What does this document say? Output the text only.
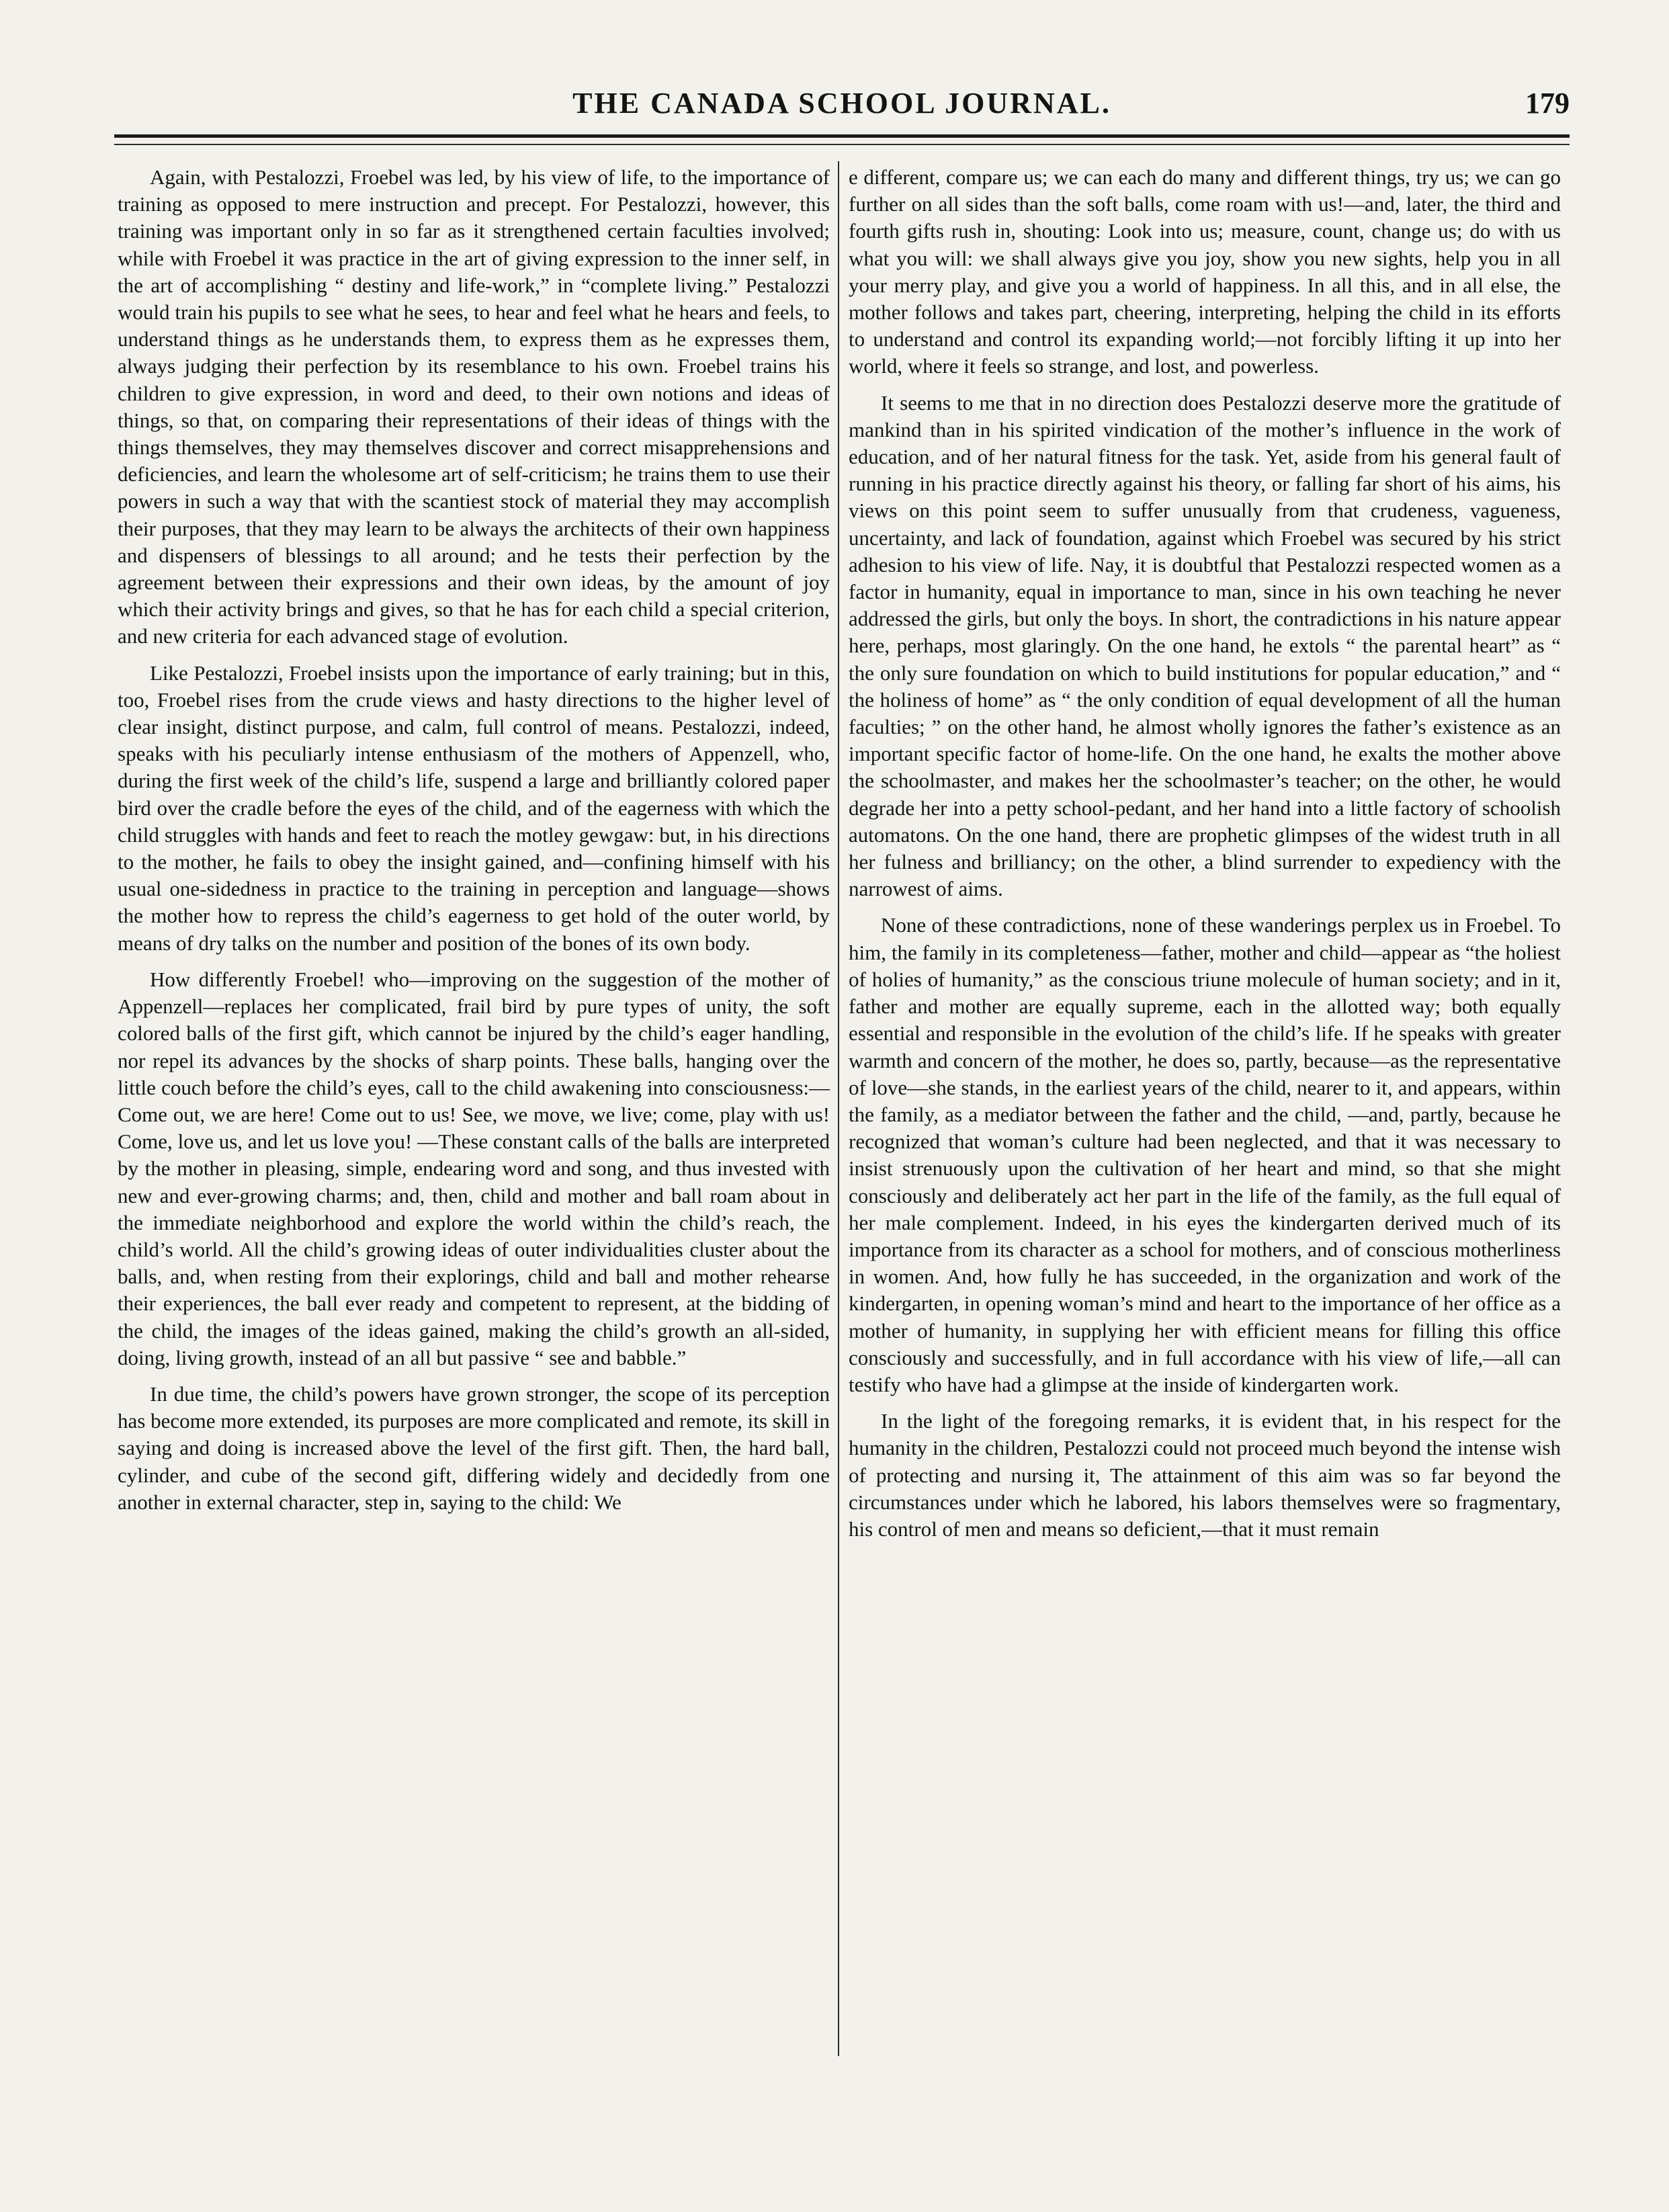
THE CANADA SCHOOL JOURNAL.	179

Again, with Pestalozzi, Froebel was led, by his view of life, to the importance of training as opposed to mere instruction and precept. For Pestalozzi, however, this training was important only in so far as it strengthened certain faculties involved; while with Froebel it was practice in the art of giving expression to the inner self, in the art of accomplishing “ destiny and life-work,” in “complete living.” Pestalozzi would train his pupils to see what he sees, to hear and feel what he hears and feels, to understand things as he understands them, to express them as he expresses them, always judging their perfection by its resemblance to his own. Froebel trains his children to give expression, in word and deed, to their own notions and ideas of things, so that, on comparing their representations of their ideas of things with the things themselves, they may themselves discover and correct misapprehensions and deficiencies, and learn the wholesome art of self-criticism; he trains them to use their powers in such a way that with the scantiest stock of material they may accomplish their purposes, that they may learn to be always the architects of their own happiness and dispensers of blessings to all around; and he tests their perfection by the agreement between their expressions and their own ideas, by the amount of joy which their activity brings and gives, so that he has for each child a special criterion, and new criteria for each advanced stage of evolution.

Like Pestalozzi, Froebel insists upon the importance of early training; but in this, too, Froebel rises from the crude views and hasty directions to the higher level of clear insight, distinct purpose, and calm, full control of means. Pestalozzi, indeed, speaks with his peculiarly intense enthusiasm of the mothers of Appenzell, who, during the first week of the child’s life, suspend a large and brilliantly colored paper bird over the cradle before the eyes of the child, and of the eagerness with which the child struggles with hands and feet to reach the motley gewgaw: but, in his directions to the mother, he fails to obey the insight gained, and—confining himself with his usual one-sidedness in practice to the training in perception and language—shows the mother how to repress the child’s eagerness to get hold of the outer world, by means of dry talks on the number and position of the bones of its own body.

How differently Froebel! who—improving on the suggestion of the mother of Appenzell—replaces her complicated, frail bird by pure types of unity, the soft colored balls of the first gift, which cannot be injured by the child’s eager handling, nor repel its advances by the shocks of sharp points. These balls, hanging over the little couch before the child’s eyes, call to the child awakening into consciousness:—Come out, we are here! Come out to us! See, we move, we live; come, play with us! Come, love us, and let us love you! —These constant calls of the balls are interpreted by the mother in pleasing, simple, endearing word and song, and thus invested with new and ever-growing charms; and, then, child and mother and ball roam about in the immediate neighborhood and explore the world within the child’s reach, the child’s world. All the child’s growing ideas of outer individualities cluster about the balls, and, when resting from their explorings, child and ball and mother rehearse their experiences, the ball ever ready and competent to represent, at the bidding of the child, the images of the ideas gained, making the child’s growth an all-sided, doing, living growth, instead of an all but passive “ see and babble.”

In due time, the child’s powers have grown stronger, the scope of its perception has become more extended, its purposes are more complicated and remote, its skill in saying and doing is increased above the level of the first gift. Then, the hard ball, cylinder, and cube of the second gift, differing widely and decidedly from one another in external character, step in, saying to the child: We

e different, compare us; we can each do many and different things, try us; we can go further on all sides than the soft balls, come roam with us!—and, later, the third and fourth gifts rush in, shouting: Look into us; measure, count, change us; do with us what you will: we shall always give you joy, show you new sights, help you in all your merry play, and give you a world of happiness. In all this, and in all else, the mother follows and takes part, cheering, interpreting, helping the child in its efforts to understand and control its expanding world;—not forcibly lifting it up into her world, where it feels so strange, and lost, and powerless.

It seems to me that in no direction does Pestalozzi deserve more the gratitude of mankind than in his spirited vindication of the mother’s influence in the work of education, and of her natural fitness for the task. Yet, aside from his general fault of running in his practice directly against his theory, or falling far short of his aims, his views on this point seem to suffer unusually from that crudeness, vagueness, uncertainty, and lack of foundation, against which Froebel was secured by his strict adhesion to his view of life. Nay, it is doubtful that Pestalozzi respected women as a factor in humanity, equal in importance to man, since in his own teaching he never addressed the girls, but only the boys. In short, the contradictions in his nature appear here, perhaps, most glaringly. On the one hand, he extols “ the parental heart” as “ the only sure foundation on which to build institutions for popular education,” and “ the holiness of home” as “ the only condition of equal development of all the human faculties; ” on the other hand, he almost wholly ignores the father’s existence as an important specific factor of home-life. On the one hand, he exalts the mother above the schoolmaster, and makes her the schoolmaster’s teacher; on the other, he would degrade her into a petty school-pedant, and her hand into a little factory of schoolish automatons. On the one hand, there are prophetic glimpses of the widest truth in all her fulness and brilliancy; on the other, a blind surrender to expediency with the narrowest of aims.

None of these contradictions, none of these wanderings perplex us in Froebel. To him, the family in its completeness—father, mother and child—appear as “the holiest of holies of humanity,” as the conscious triune molecule of human society; and in it, father and mother are equally supreme, each in the allotted way; both equally essential and responsible in the evolution of the child’s life. If he speaks with greater warmth and concern of the mother, he does so, partly, because—as the representative of love—she stands, in the earliest years of the child, nearer to it, and appears, within the family, as a mediator between the father and the child, —and, partly, because he recognized that woman’s culture had been neglected, and that it was necessary to insist strenuously upon the cultivation of her heart and mind, so that she might consciously and deliberately act her part in the life of the family, as the full equal of her male complement. Indeed, in his eyes the kindergarten derived much of its importance from its character as a school for mothers, and of conscious motherliness in women. And, how fully he has succeeded, in the organization and work of the kindergarten, in opening woman’s mind and heart to the importance of her office as a mother of humanity, in supplying her with efficient means for filling this office consciously and successfully, and in full accordance with his view of life,—all can testify who have had a glimpse at the inside of kindergarten work.

In the light of the foregoing remarks, it is evident that, in his respect for the humanity in the children, Pestalozzi could not proceed much beyond the intense wish of protecting and nursing it, The attainment of this aim was so far beyond the circumstances under which he labored, his labors themselves were so fragmentary, his control of men and means so deficient,—that it must remain
